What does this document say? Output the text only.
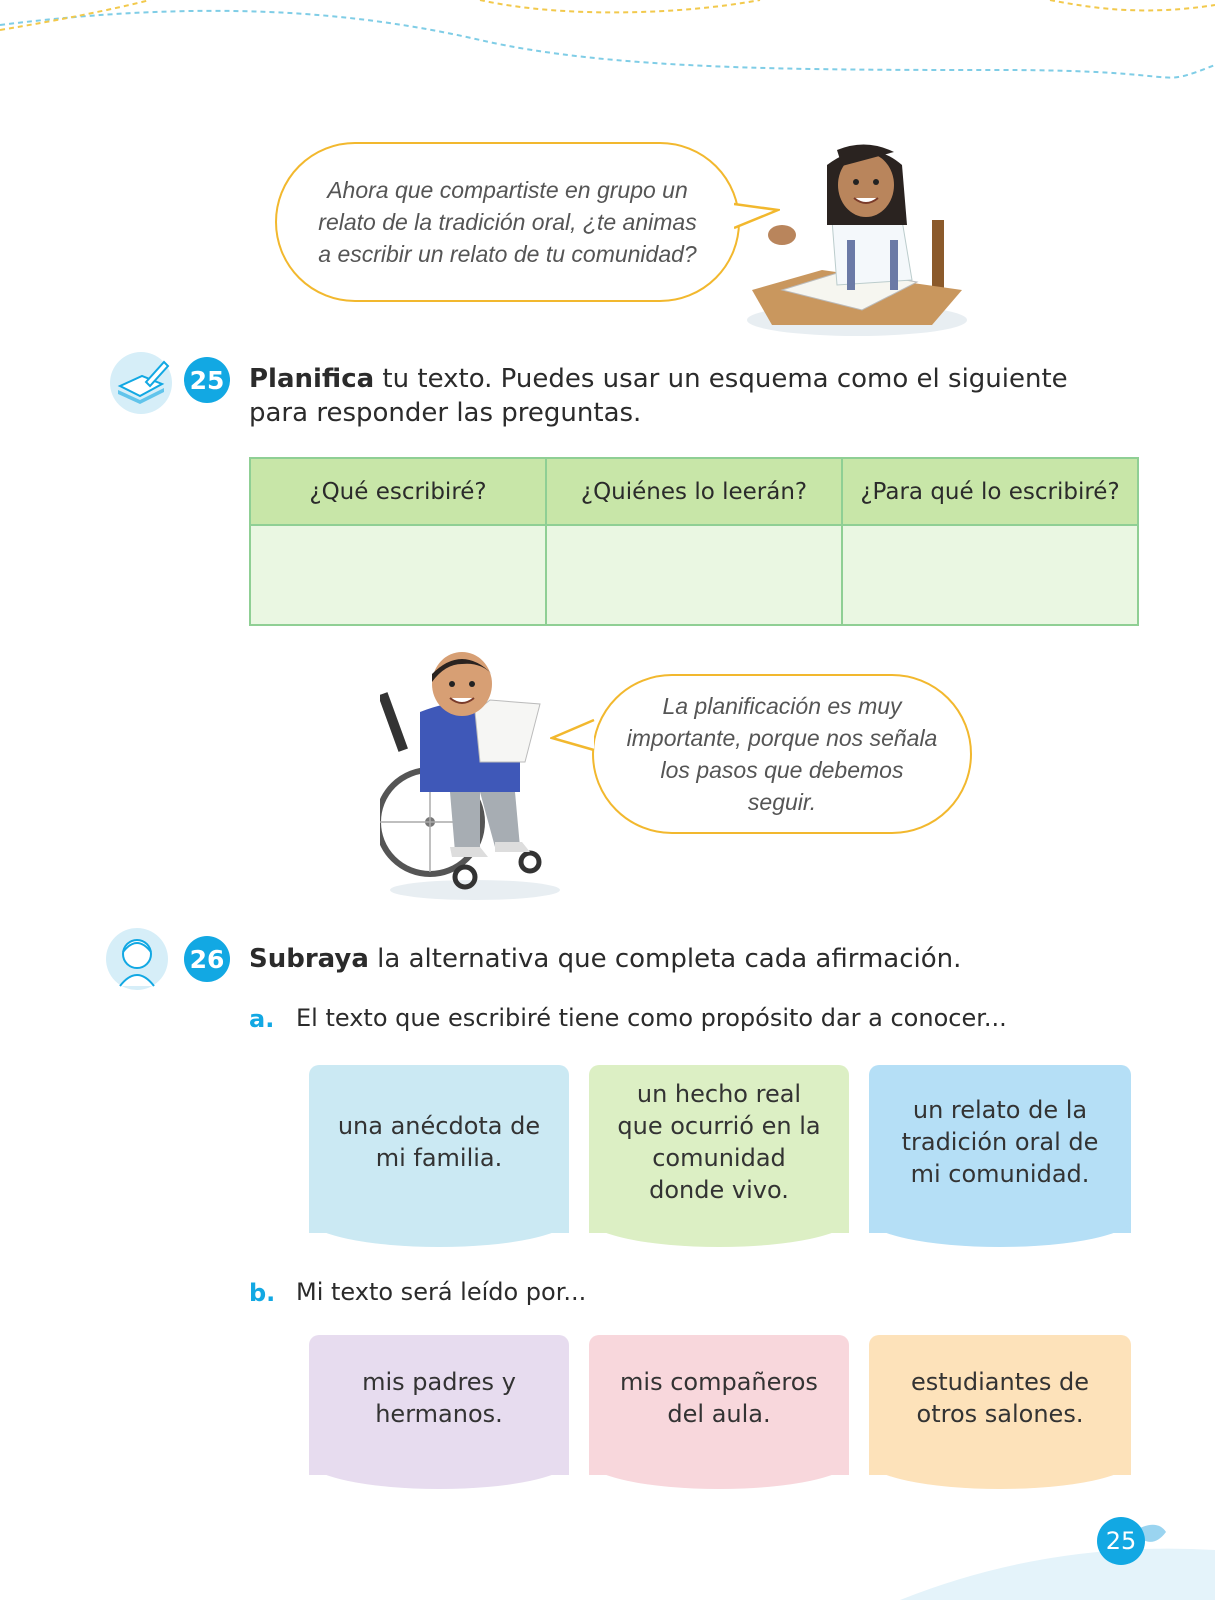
Ahora que compartiste en grupo un relato de la tradición oral, ¿te animas a escribir un relato de tu comunidad?
25 Planifica tu texto. Puedes usar un esquema como el siguiente para responder las preguntas.
¿Qué escribiré?	¿Quiénes lo leerán?	¿Para qué lo escribiré?

La planificación es muy importante, porque nos señala los pasos que debemos seguir.
26 Subraya la alternativa que completa cada afirmación.
a. El texto que escribiré tiene como propósito dar a conocer...
una anécdota de mi familia.
un hecho real que ocurrió en la comunidad donde vivo.
un relato de la tradición oral de mi comunidad.
b. Mi texto será leído por...
mis padres y hermanos.
mis compañeros del aula.
estudiantes de otros salones.
25
